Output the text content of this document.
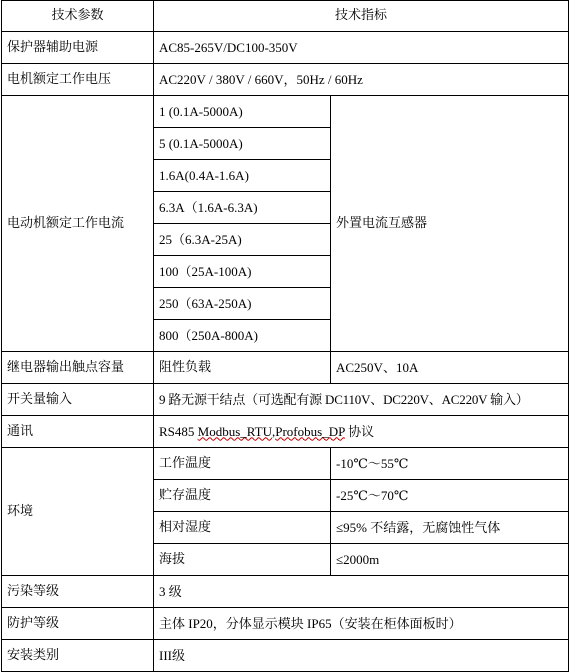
技术参数	技术指标	
保护器辅助电源	AC85-265V/DC100-350V	
电机额定工作电压	AC220V / 380V / 660V，50Hz / 60Hz	
电动机额定工作电流	1 (0.1A-5000A)	外置电流互感器
	5 (0.1A-5000A)	
	1.6A(0.4A-1.6A)	
	6.3A（1.6A-6.3A)	
	25（6.3A-25A)	
	100（25A-100A)	
	250（63A-250A)	
	800（250A-800A)	
继电器输出触点容量	阻性负载	AC250V、10A
开关量输入	9 路无源干结点（可选配有源 DC110V、DC220V、AC220V 输入）	
通讯	RS485 Modbus_RTU,Profobus_DP 协议	
环境	工作温度	-10℃～55℃
	贮存温度	-25℃～70℃
	相对湿度	≤95% 不结露，无腐蚀性气体
	海拔	≤2000m
污染等级	3 级	
防护等级	主体 IP20，分体显示模块 IP65（安装在柜体面板时）	
安装类别	III级	
